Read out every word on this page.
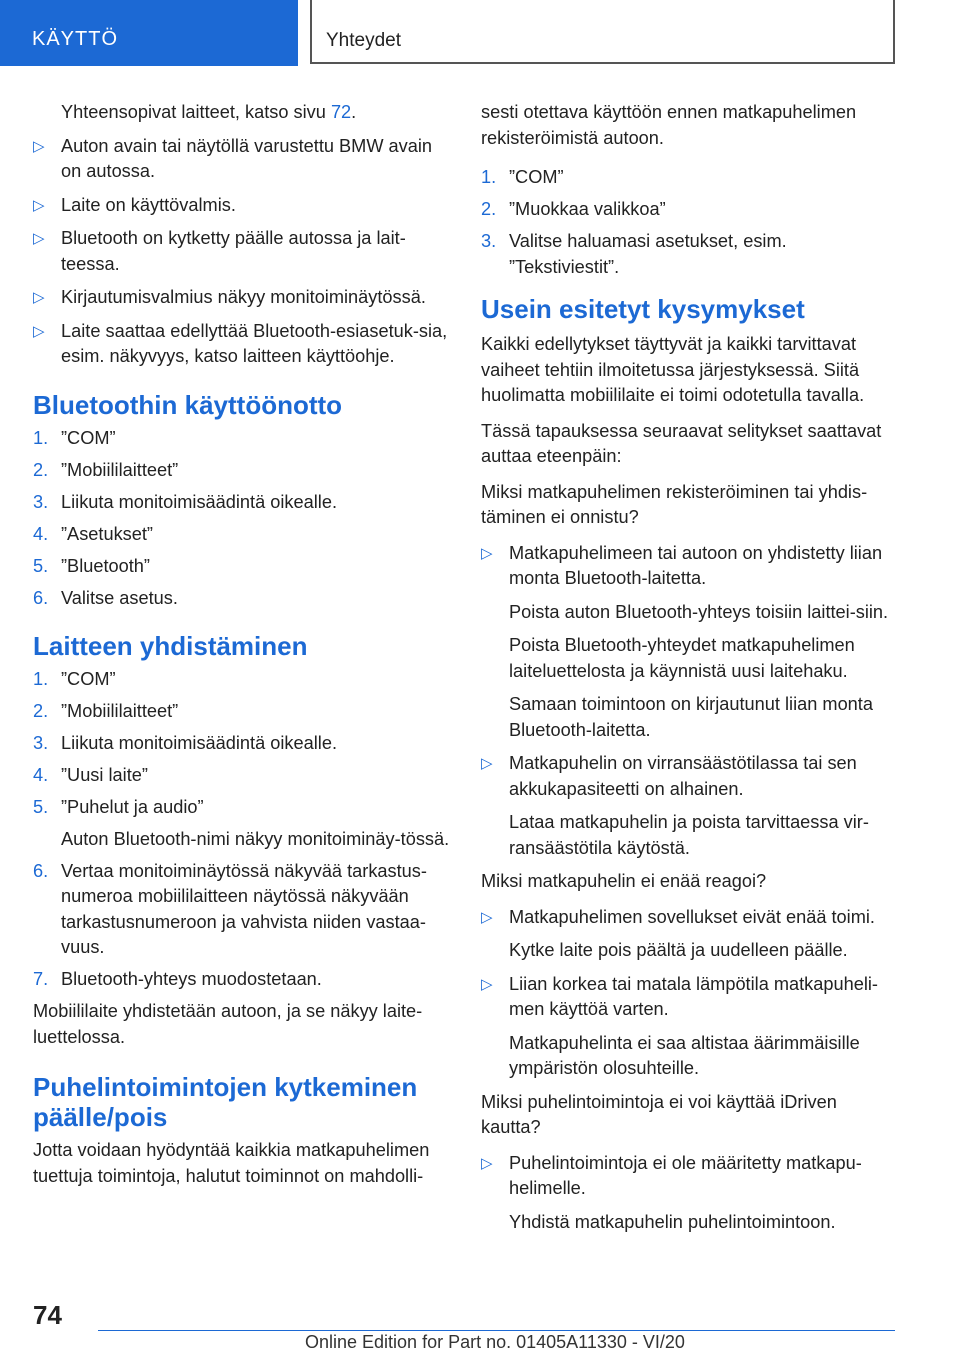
KÄYTTÖ	Yhteydet
Yhteensopivat laitteet, katso sivu 72.
▷ Auton avain tai näytöllä varustettu BMW avain on autossa.
▷ Laite on käyttövalmis.
▷ Bluetooth on kytketty päälle autossa ja lait-teessa.
▷ Kirjautumisvalmius näkyy monitoiminäytössä.
▷ Laite saattaa edellyttää Bluetooth-esiasetuk-sia, esim. näkyvyys, katso laitteen käyttöohje.
Bluetoothin käyttöönotto
1. ”COM”
2. ”Mobiililaitteet”
3. Liikuta monitoimisäädintä oikealle.
4. ”Asetukset”
5. ”Bluetooth”
6. Valitse asetus.
Laitteen yhdistäminen
1. ”COM”
2. ”Mobiililaitteet”
3. Liikuta monitoimisäädintä oikealle.
4. ”Uusi laite”
5. ”Puhelut ja audio”
Auton Bluetooth-nimi näkyy monitoiminäy-tössä.
6. Vertaa monitoiminäytössä näkyvää tarkastus-numeroa mobiililaitteen näytössä näkyvään tarkastusnumeroon ja vahvista niiden vastaa-vuus.
7. Bluetooth-yhteys muodostetaan.
Mobiililaite yhdistetään autoon, ja se näkyy laite-luettelossa.
Puhelintoimintojen kytkeminen päälle/pois
Jotta voidaan hyödyntää kaikkia matkapuhelimen tuettuja toimintoja, halutut toiminnot on mahdolli-
sesti otettava käyttöön ennen matkapuhelimen rekisteröimistä autoon.
1. ”COM”
2. ”Muokkaa valikkoa”
3. Valitse haluamasi asetukset, esim. ”Tekstiviestit”.
Usein esitetyt kysymykset
Kaikki edellytykset täyttyvät ja kaikki tarvittavat vaiheet tehtiin ilmoitetussa järjestyksessä. Siitä huolimatta mobiililaite ei toimi odotetulla tavalla.
Tässä tapauksessa seuraavat selitykset saattavat auttaa eteenpäin:
Miksi matkapuhelimen rekisteröiminen tai yhdis-täminen ei onnistu?
▷ Matkapuhelimeen tai autoon on yhdistetty liian monta Bluetooth-laitetta.
Poista auton Bluetooth-yhteys toisiin laittei-siin.
Poista Bluetooth-yhteydet matkapuhelimen laiteluettelosta ja käynnistä uusi laitehaku.
Samaan toimintoon on kirjautunut liian monta Bluetooth-laitetta.
▷ Matkapuhelin on virransäästötilassa tai sen akkukapasiteetti on alhainen.
Lataa matkapuhelin ja poista tarvittaessa vir-ransäästötila käytöstä.
Miksi matkapuhelin ei enää reagoi?
▷ Matkapuhelimen sovellukset eivät enää toimi.
Kytke laite pois päältä ja uudelleen päälle.
▷ Liian korkea tai matala lämpötila matkapuheli-men käyttöä varten.
Matkapuhelinta ei saa altistaa äärimmäisille ympäristön olosuhteille.
Miksi puhelintoimintoja ei voi käyttää iDriven kautta?
▷ Puhelintoimintoja ei ole määritetty matkapu-helimelle.
Yhdistä matkapuhelin puhelintoimintoon.
74
Online Edition for Part no. 01405A11330 - VI/20
